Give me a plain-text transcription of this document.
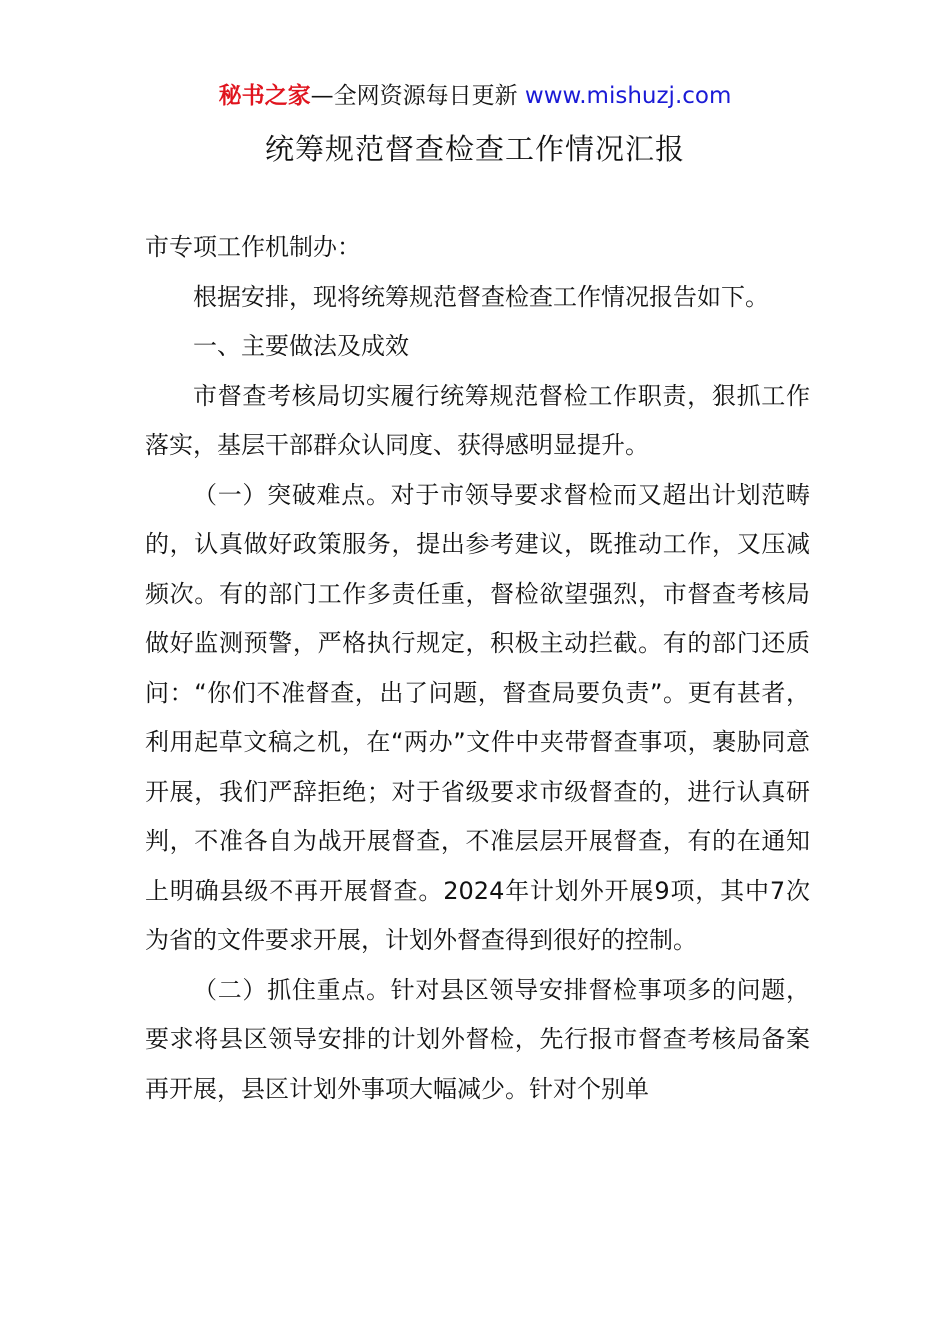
秘书之家—全网资源每日更新 www.mishuzj.com
统筹规范督查检查工作情况汇报

市专项工作机制办：

根据安排，现将统筹规范督查检查工作情况报告如下。

一、主要做法及成效

市督查考核局切实履行统筹规范督检工作职责，狠抓工作落实，基层干部群众认同度、获得感明显提升。

（一）突破难点。对于市领导要求督检而又超出计划范畴的，认真做好政策服务，提出参考建议，既推动工作，又压减频次。有的部门工作多责任重，督检欲望强烈，市督查考核局做好监测预警，严格执行规定，积极主动拦截。有的部门还质问：“你们不准督查，出了问题，督查局要负责”。更有甚者，利用起草文稿之机，在“两办”文件中夹带督查事项，裹胁同意开展，我们严辞拒绝；对于省级要求市级督查的，进行认真研判，不准各自为战开展督查，不准层层开展督查，有的在通知上明确县级不再开展督查。2024年计划外开展9项，其中7次为省的文件要求开展，计划外督查得到很好的控制。

（二）抓住重点。针对县区领导安排督检事项多的问题，要求将县区领导安排的计划外督检，先行报市督查考核局备案再开展，县区计划外事项大幅减少。针对个别单
